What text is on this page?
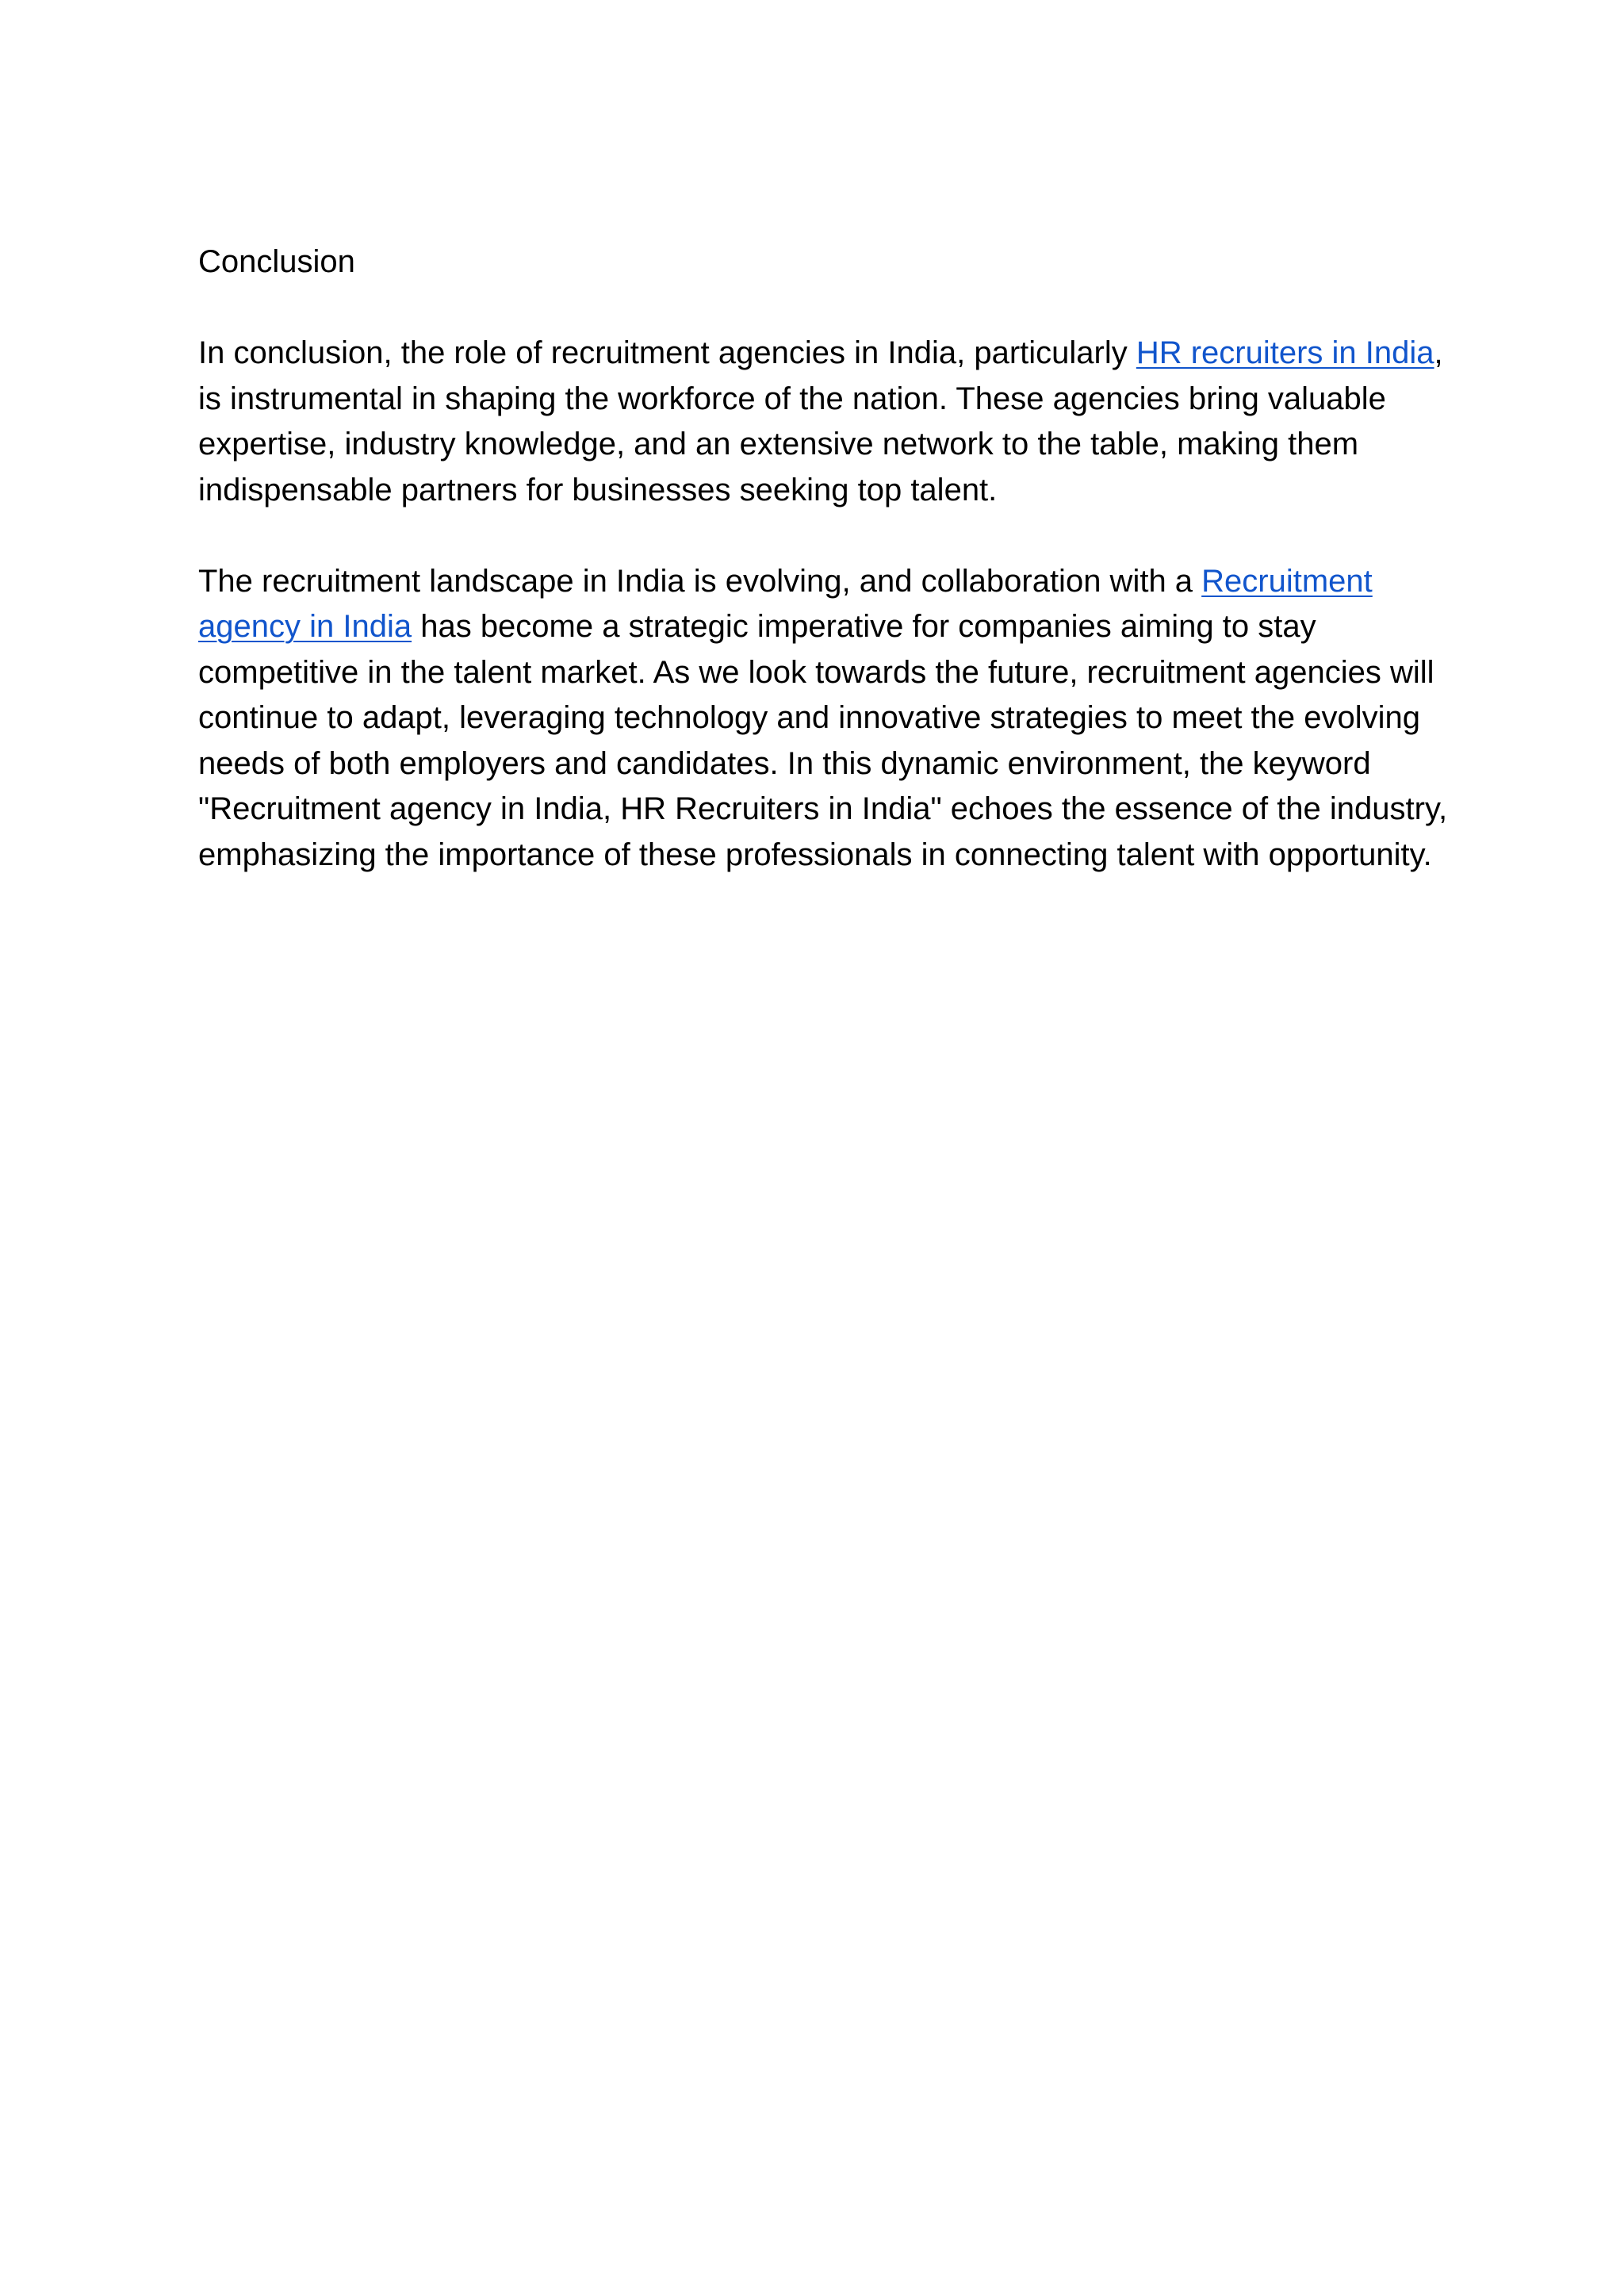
Conclusion

In conclusion, the role of recruitment agencies in India, particularly HR recruiters in India, is instrumental in shaping the workforce of the nation. These agencies bring valuable expertise, industry knowledge, and an extensive network to the table, making them indispensable partners for businesses seeking top talent.

The recruitment landscape in India is evolving, and collaboration with a Recruitment agency in India has become a strategic imperative for companies aiming to stay competitive in the talent market. As we look towards the future, recruitment agencies will continue to adapt, leveraging technology and innovative strategies to meet the evolving needs of both employers and candidates. In this dynamic environment, the keyword "Recruitment agency in India, HR Recruiters in India" echoes the essence of the industry, emphasizing the importance of these professionals in connecting talent with opportunity.
